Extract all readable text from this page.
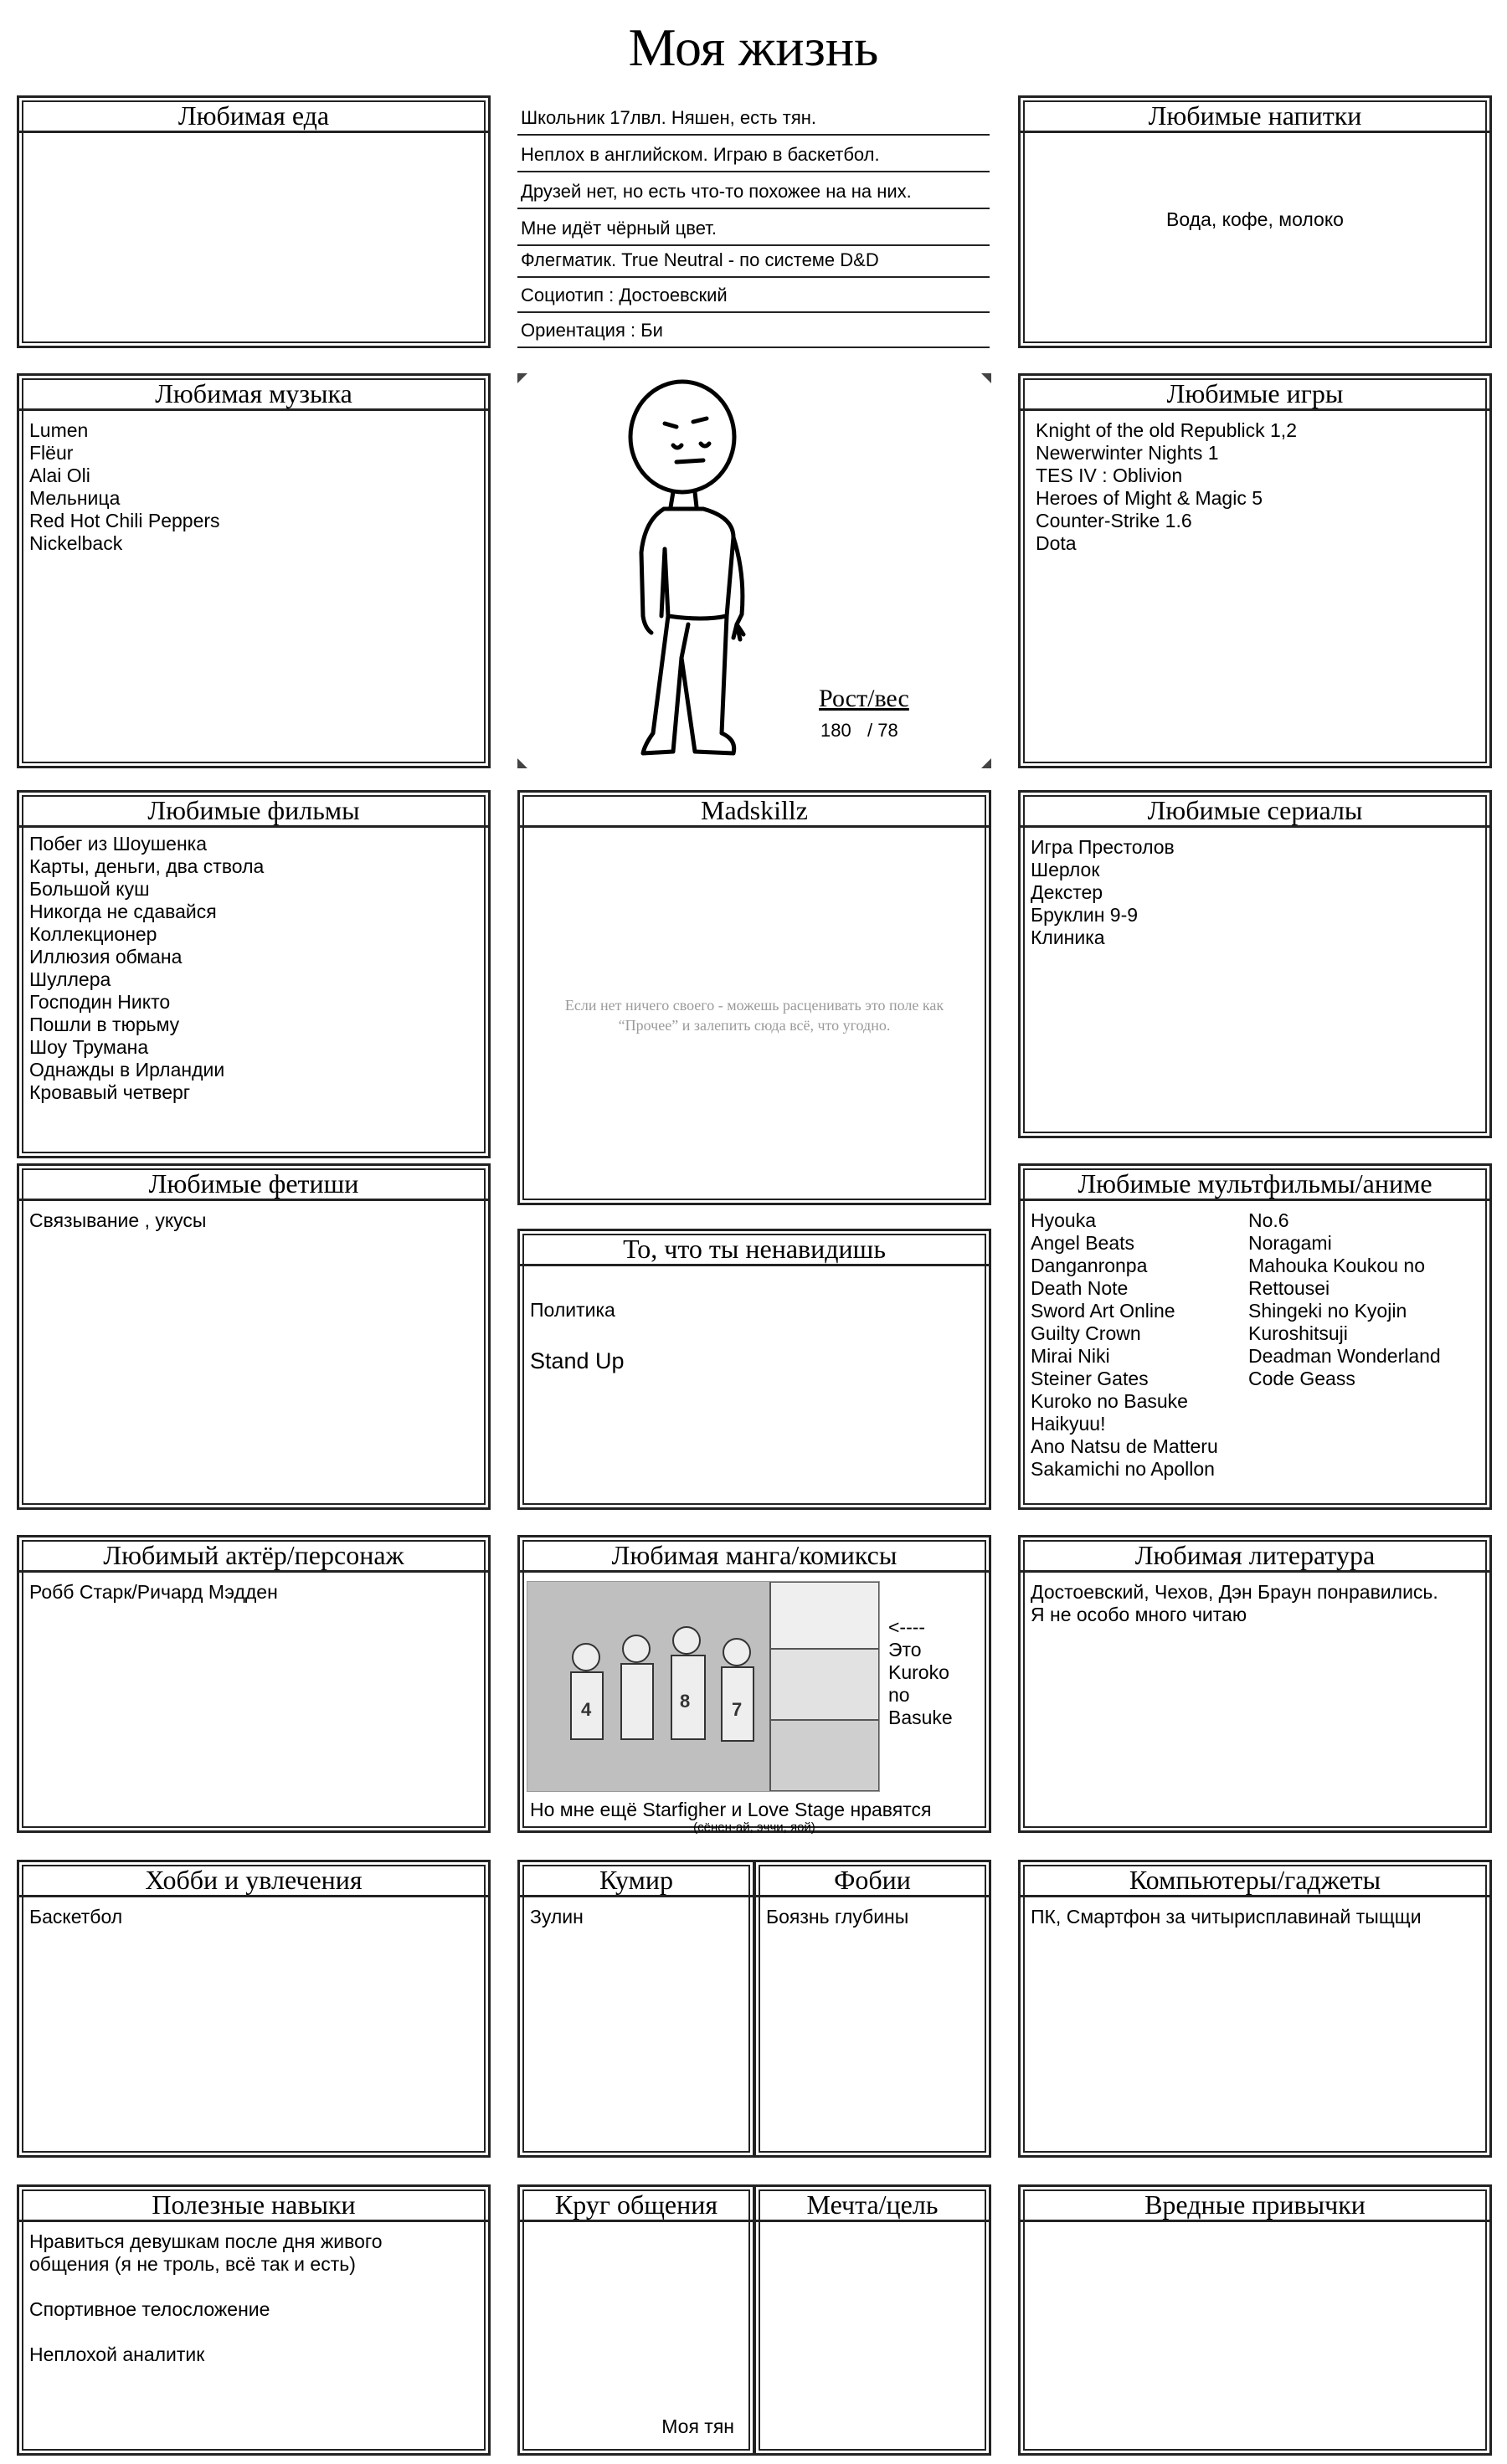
Моя жизнь
Любимая еда	Школьник 17лвл. Няшен, есть тян.
Неплох в английском. Играю в баскетбол.
Друзей нет, но есть что-то похожее на на них.
Мне идёт чёрный цвет.
Флегматик. True Neutral - по системе D&D
Социотип : Достоевский
Ориентация : Би
Любимые напитки
Вода, кофе, молоко
Любимая музыка
Lumen
Flëur
Alai Oli
Мельница
Red Hot Chili Peppers
Nickelback
Рост/вес
180 / 78
Любимые игры
Knight of the old Republick 1,2
Newerwinter Nights 1
TES IV : Oblivion
Heroes of Might & Magic 5
Counter-Strike 1.6
Dota
Любимые фильмы
Побег из Шоушенка
Карты, деньги, два ствола
Большой куш
Никогда не сдавайся
Коллекционер
Иллюзия обмана
Шуллера
Господин Никто
Пошли в тюрьму
Шоу Трумана
Однажды в Ирландии
Кровавый четверг
Madskillz
Если нет ничего своего - можешь расценивать это поле как “Прочее” и залепить сюда всё, что угодно.
Любимые сериалы
Игра Престолов
Шерлок
Декстер
Бруклин 9-9
Клиника
Любимые фетиши
Связывание , укусы
То, что ты ненавидишь

Политика

Stand Up

Любимые мультфильмы/аниме
Hyouka
Angel Beats
Danganronpa
Death Note
Sword Art Online
Guilty Crown
Mirai Niki
Steiner Gates
Kuroko no Basuke
Haikyuu!
Ano Natsu de Matteru
Sakamichi no Apollon
No.6
Noragami
Mahouka Koukou no
Rettousei
Shingeki no Kyojin
Kuroshitsuji
Deadman Wonderland
Code Geass
Любимый актёр/персонаж
Робб Старк/Ричард Мэдден
Любимая манга/комиксы
4	8 7
<----
Это
Kuroko
no
Basuke
Но мне ещё Starfigher и Love Stage нравятся
(сёнен-ай, эччи, яой)
Любимая литература
Достоевский, Чехов, Дэн Браун понравились.
Я не особо много читаю
Хобби и увлечения
Баскетбол
Кумир
Зулин
Фобии
Боязнь глубины
Компьютеры/гаджеты
ПК, Смартфон за читырисплавинай тыщщи
Полезные навыки
Нравиться девушкам после дня живого
общения (я не троль, всё так и есть)

Спортивное телосложение

Неплохой аналитик
Круг общения
Моя тян
Мечта/цель	Вредные привычки
